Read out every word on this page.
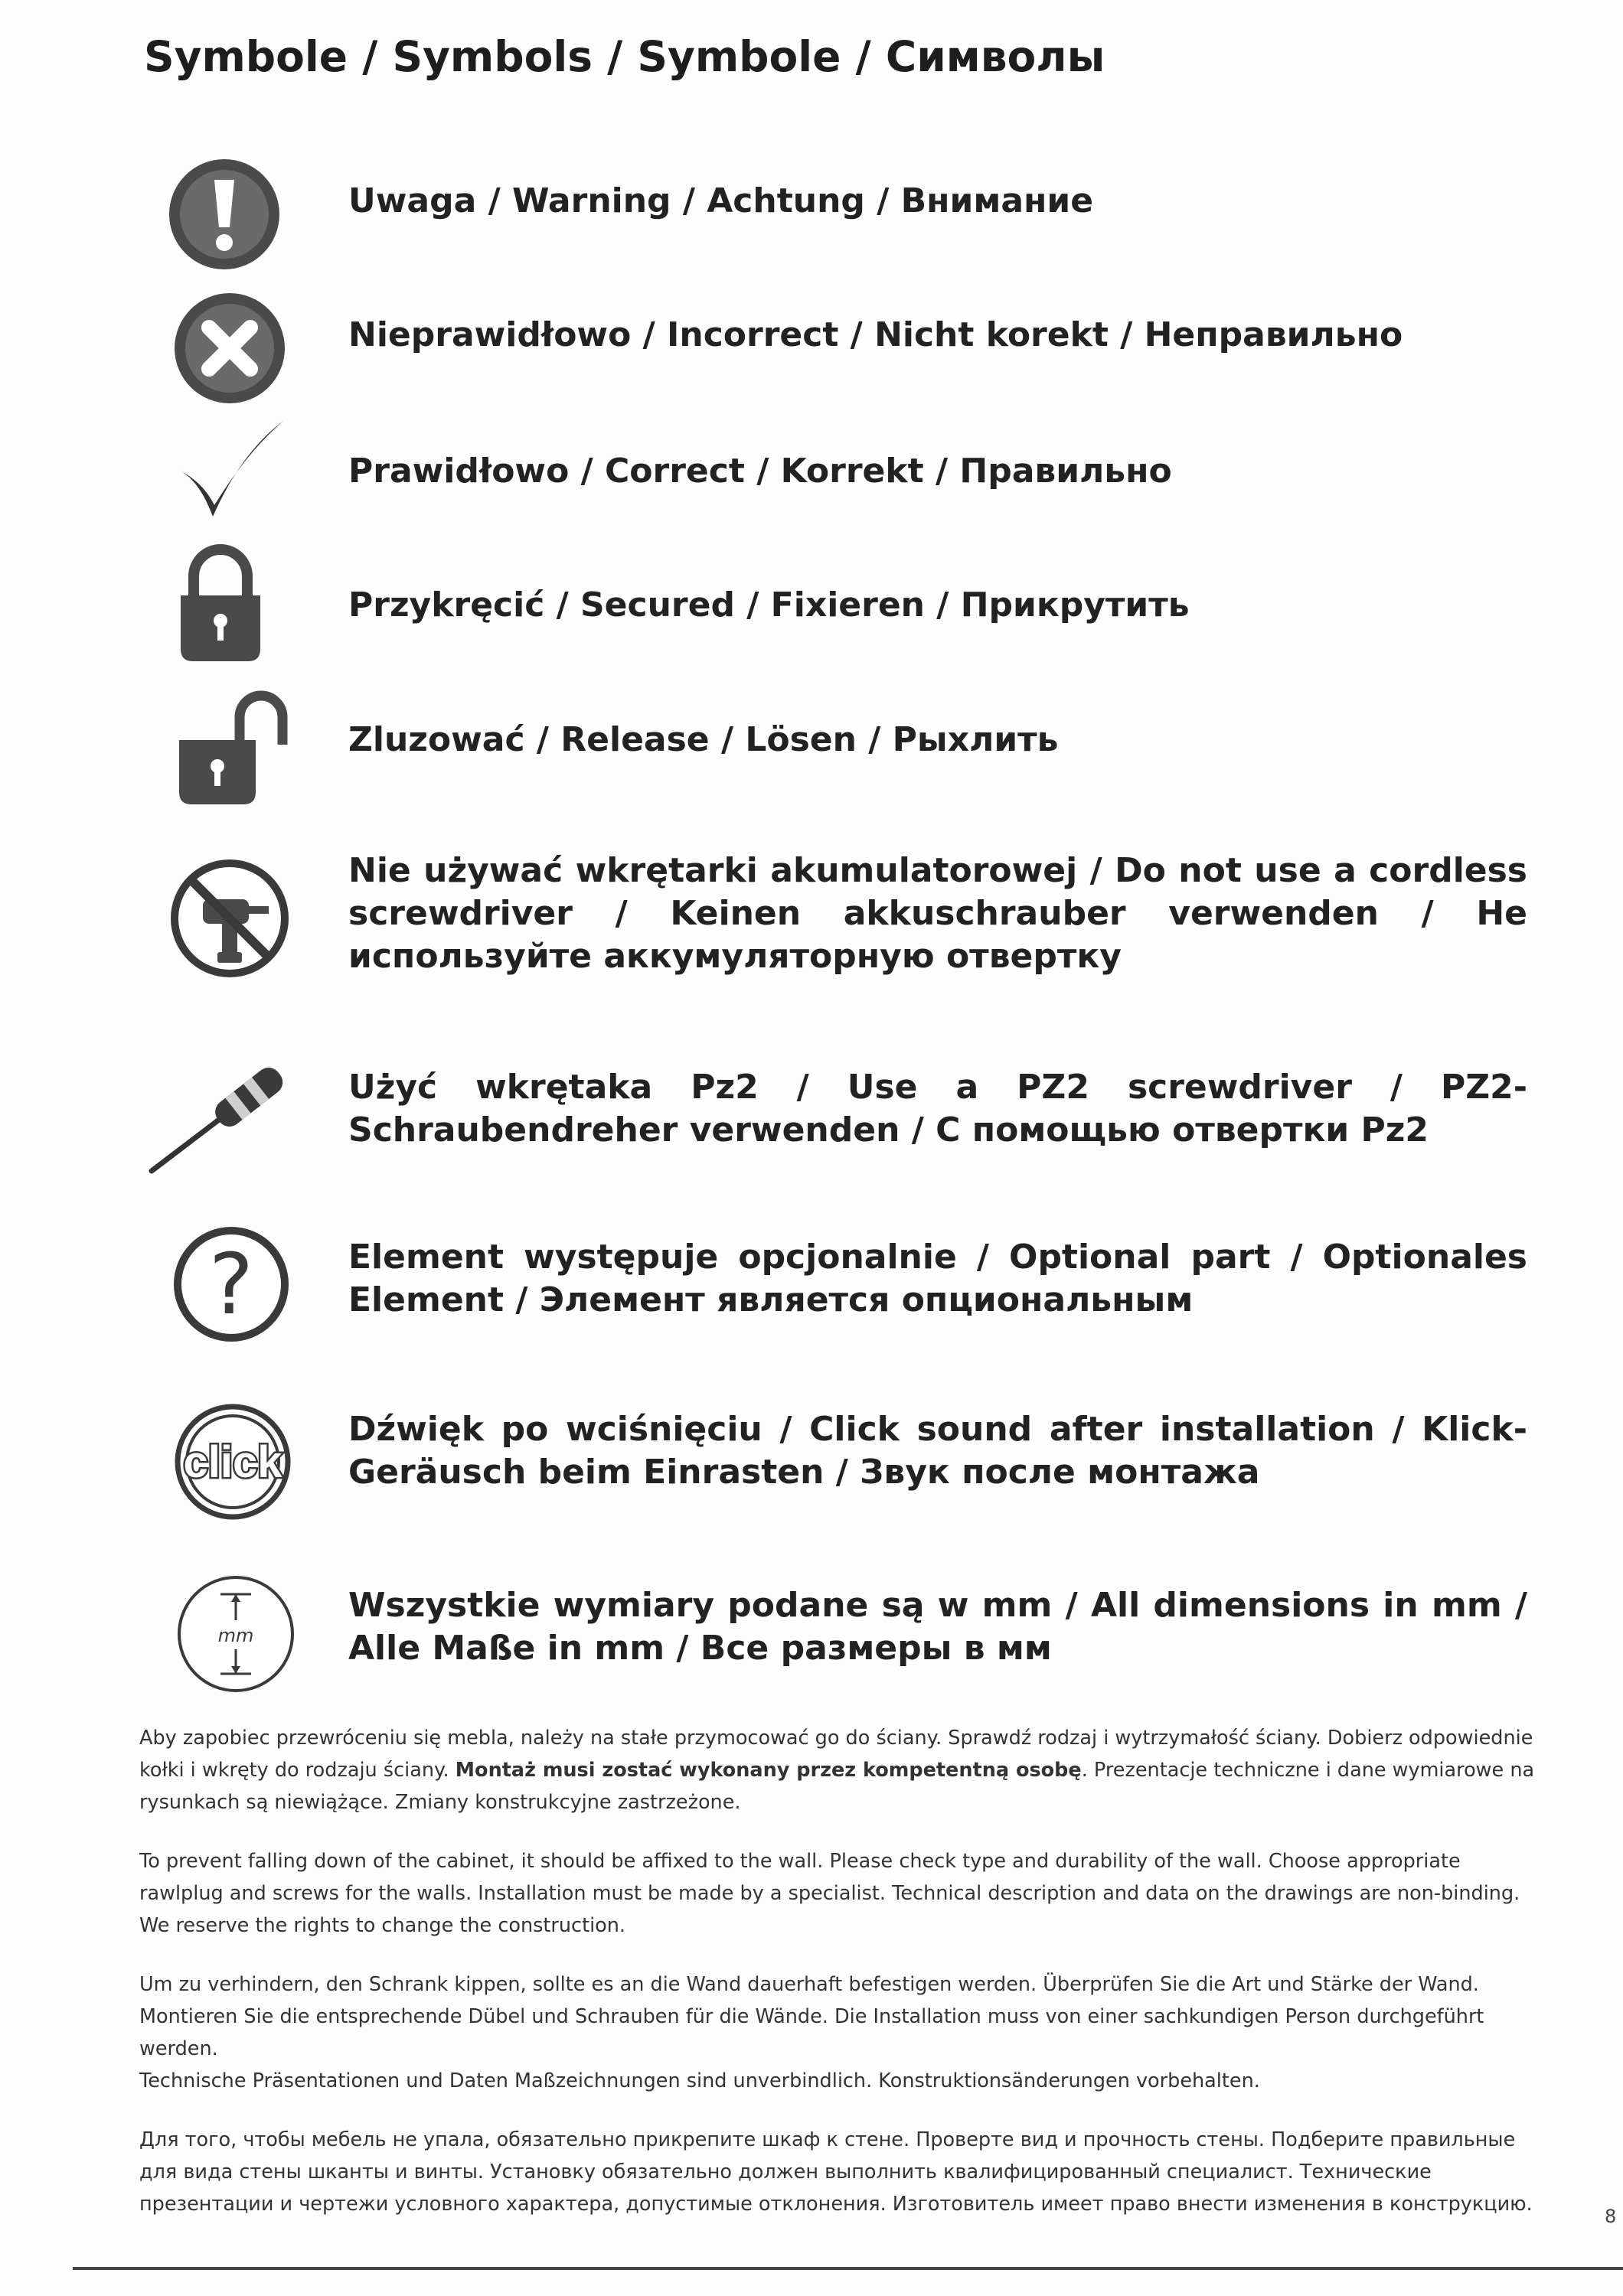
Symbole / Symbols / Symbole / Символы
Uwaga / Warning / Achtung / Внимание
Nieprawidłowo / Incorrect / Nicht korekt / Неправильно
Prawidłowo / Correct / Korrekt / Правильно
Przykręcić / Secured / Fixieren / Прикрутить
Zluzować / Release / Lösen / Рыхлить
Nie używać wkrętarki akumulatorowej / Do not use a cordless screwdriver / Keinen akkuschrauber verwenden / Не используйте аккумуляторную отвертку
Użyć wkrętaka Pz2 / Use a PZ2 screwdriver / PZ2-Schraubendreher verwenden / С помощью отвертки Pz2
?	Element występuje opcjonalnie / Optional part / Optionales Element / Элемент является опциональным
click
Dźwięk po wciśnięciu / Click sound after installation / Klick-Geräusch beim Einrasten / Звук после монтажа
mm
Wszystkie wymiary podane są w mm / All dimensions in mm / Alle Maße in mm / Все размеры в мм

Aby zapobiec przewróceniu się mebla, należy na stałe przymocować go do ściany. Sprawdź rodzaj i wytrzymałość ściany. Dobierz odpowiednie kołki i wkręty do rodzaju ściany. Montaż musi zostać wykonany przez kompetentną osobę. Prezentacje techniczne i dane wymiarowe na rysunkach są niewiążące. Zmiany konstrukcyjne zastrzeżone.

To prevent falling down of the cabinet, it should be affixed to the wall. Please check type and durability of the wall. Choose appropriate rawlplug and screws for the walls. Installation must be made by a specialist. Technical description and data on the drawings are non-binding. We reserve the rights to change the construction.

Um zu verhindern, den Schrank kippen, sollte es an die Wand dauerhaft befestigen werden. Überprüfen Sie die Art und Stärke der Wand. Montieren Sie die entsprechende Dübel und Schrauben für die Wände. Die Installation muss von einer sachkundigen Person durchgeführt werden.

Technische Präsentationen und Daten Maßzeichnungen sind unverbindlich. Konstruktionsänderungen vorbehalten.

Для того, чтобы мебель не упала, обязательно прикрепите шкаф к стене. Проверте вид и прочность стены. Подберите правильные для вида стены шканты и винты. Установку обязательно должен выполнить квалифицированный специалист. Технические презентации и чертежи условного характера, допустимые отклонения. Изготовитель имеет право внести изменения в конструкцию.

8
